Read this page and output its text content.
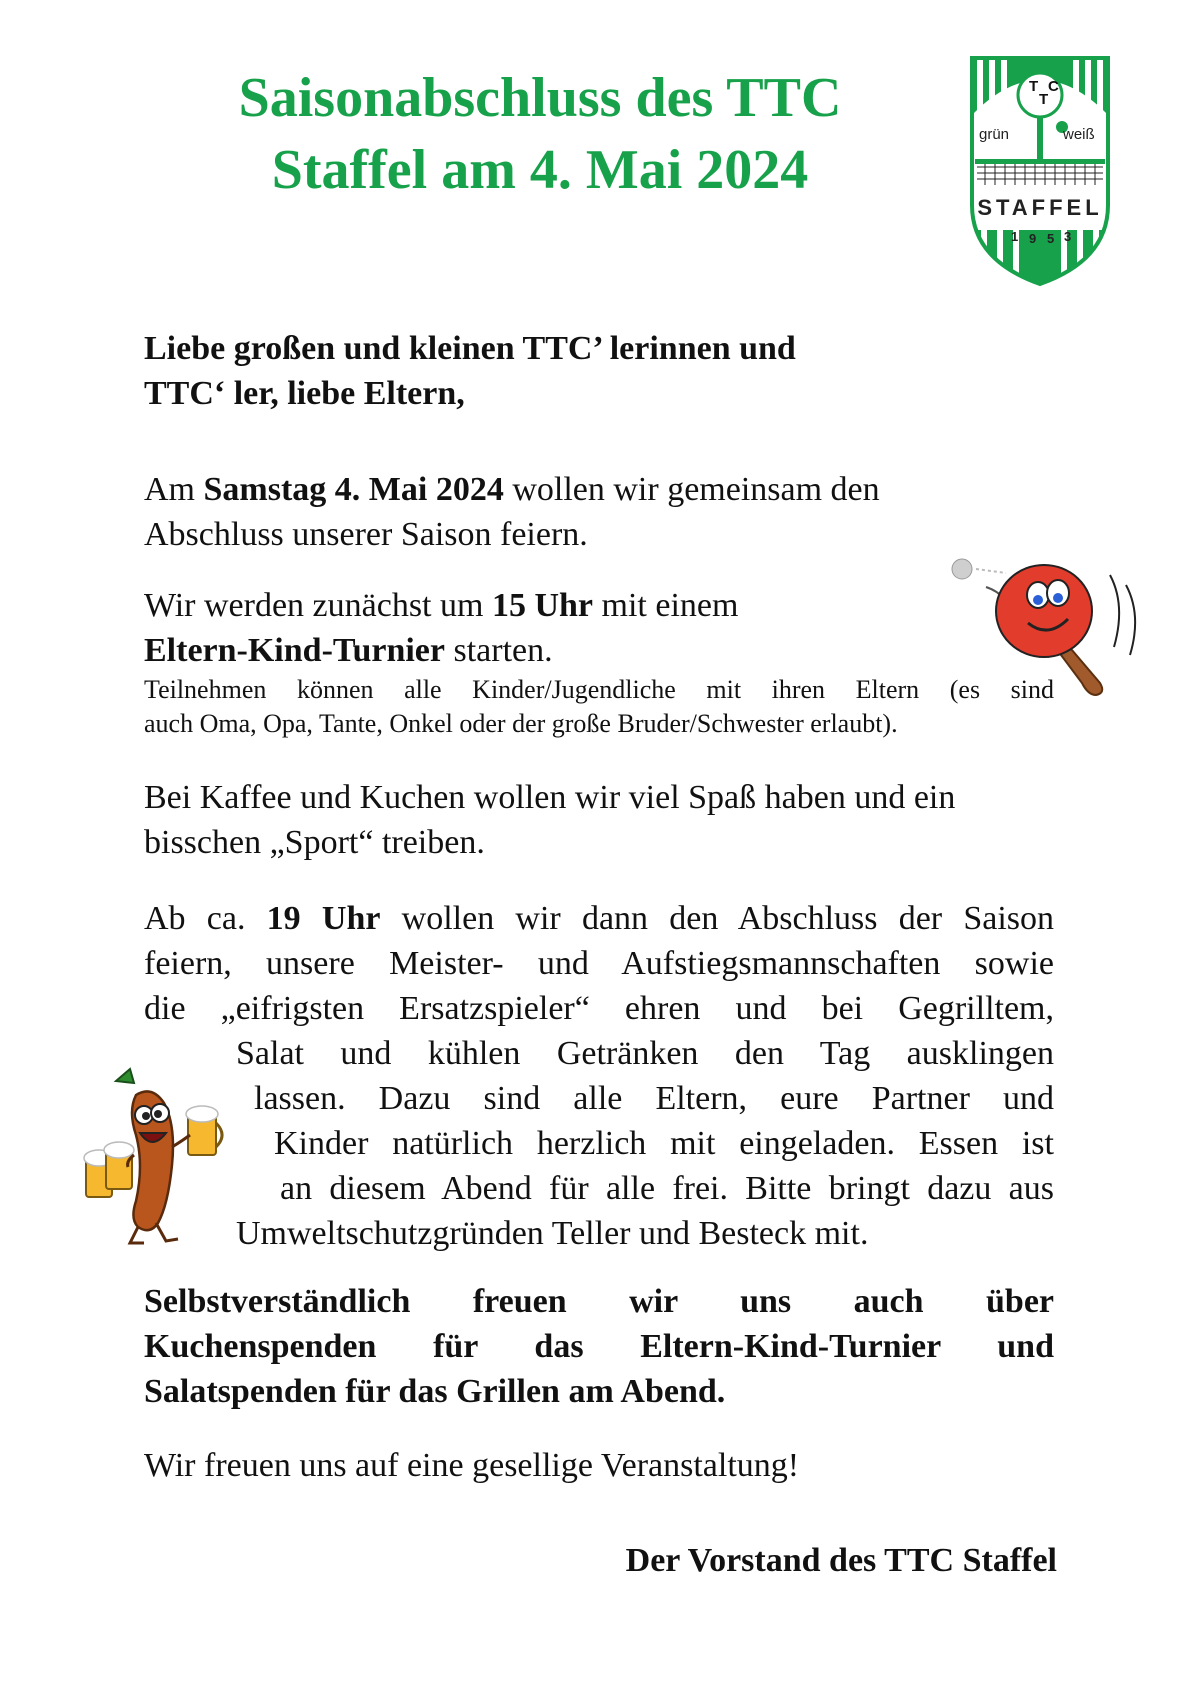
Saisonabschluss des TTC
Staffel am 4. Mai 2024
T
T
C
grün	weiß
STAFFEL
1 9 5 3
Liebe großen und kleinen TTC’ lerinnen und
TTC‘ ler, liebe Eltern,
Am Samstag 4. Mai 2024 wollen wir gemeinsam den
Abschluss unserer Saison feiern.
Wir werden zunächst um 15 Uhr mit einem
Eltern-Kind-Turnier starten.
Teilnehmen können alle Kinder/Jugendliche mit ihren Eltern (es sind
auch Oma, Opa, Tante, Onkel oder der große Bruder/Schwester erlaubt).
Bei Kaffee und Kuchen wollen wir viel Spaß haben und ein
bisschen „Sport“ treiben.
Ab ca. 19 Uhr wollen wir dann den Abschluss der Saison
feiern, unsere Meister- und Aufstiegsmannschaften sowie
die „eifrigsten Ersatzspieler“ ehren und bei Gegrilltem,
Salat und kühlen Getränken den Tag ausklingen
lassen. Dazu sind alle Eltern, eure Partner und
Kinder natürlich herzlich mit eingeladen. Essen ist
an diesem Abend für alle frei. Bitte bringt dazu aus
Umweltschutzgründen Teller und Besteck mit.
Selbstverständlich freuen wir uns auch über
Kuchenspenden für das Eltern-Kind-Turnier und
Salatspenden für das Grillen am Abend.
Wir freuen uns auf eine gesellige Veranstaltung!
Der Vorstand des TTC Staffel
